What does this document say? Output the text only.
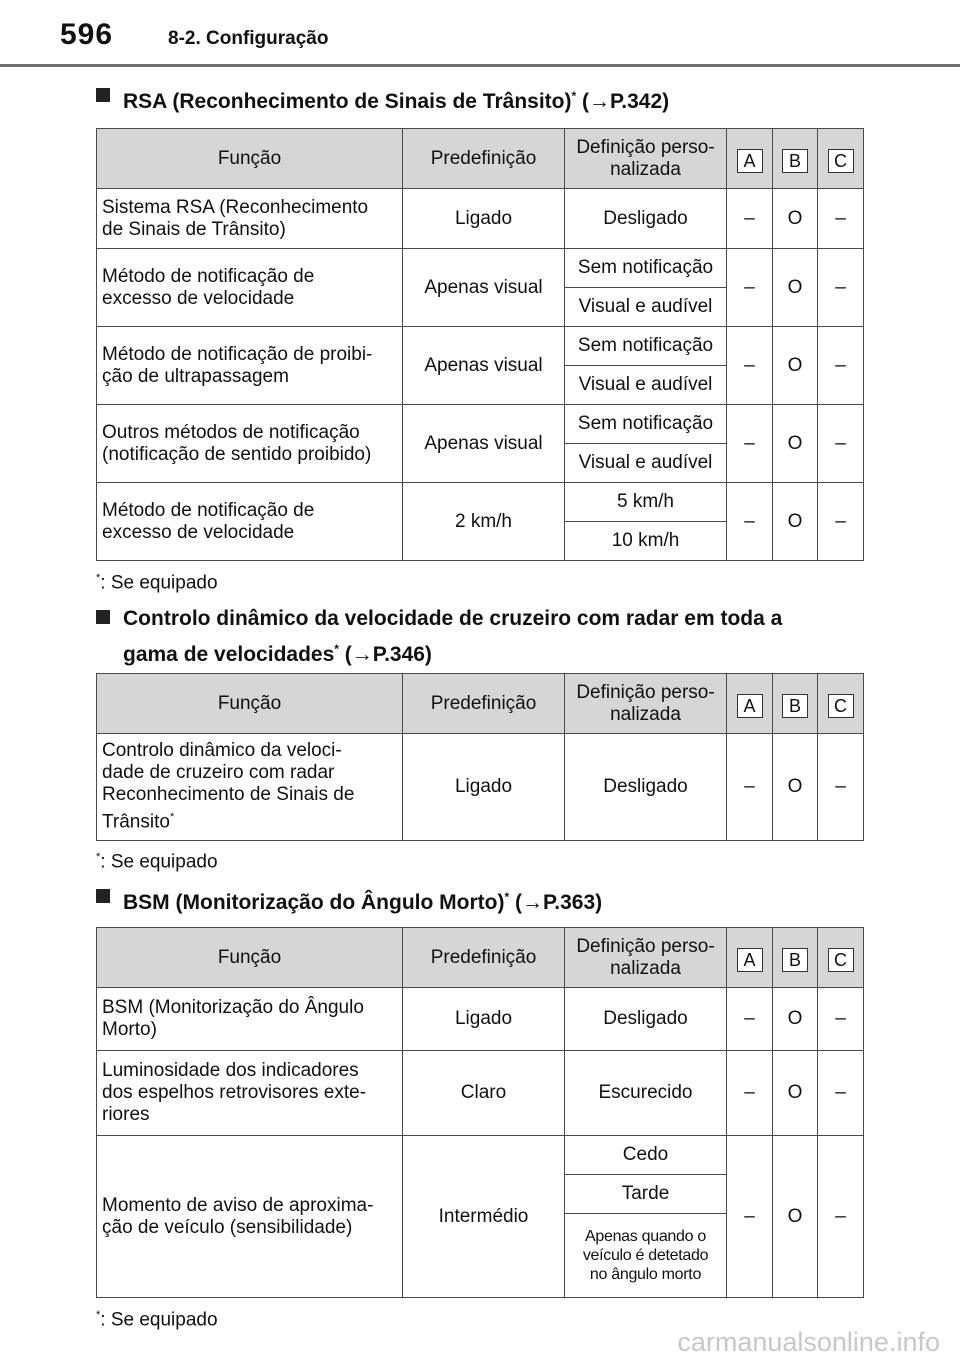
596	8-2. Configuração
RSA (Reconhecimento de Sinais de Trânsito)* (→P.342)
Função	Predefinição	Definição perso-
nalizada	A	B	C
Sistema RSA (Reconhecimento
de Sinais de Trânsito)	Ligado	Desligado	–	O	–
Método de notificação de
excesso de velocidade	Apenas visual	Sem notificação	–	O	–
		Visual e audível			
Método de notificação de proibi-
ção de ultrapassagem	Apenas visual	Sem notificação	–	O	–
		Visual e audível			
Outros métodos de notificação
(notificação de sentido proibido)	Apenas visual	Sem notificação	–	O	–
		Visual e audível			
Método de notificação de
excesso de velocidade	2 km/h	5 km/h	–	O	–
		10 km/h			
*: Se equipado
Controlo dinâmico da velocidade de cruzeiro com radar em toda a
gama de velocidades* (→P.346)
Função	Predefinição	Definição perso-
nalizada	A	B	C
Controlo dinâmico da veloci-
dade de cruzeiro com radar
Reconhecimento de Sinais de
Trânsito*	Ligado	Desligado	–	O	–
*: Se equipado
BSM (Monitorização do Ângulo Morto)* (→P.363)
Função	Predefinição	Definição perso-
nalizada	A	B	C
BSM (Monitorização do Ângulo
Morto)	Ligado	Desligado	–	O	–
Luminosidade dos indicadores
dos espelhos retrovisores exte-
riores	Claro	Escurecido	–	O	–
Momento de aviso de aproxima-
ção de veículo (sensibilidade)	Intermédio	Cedo	–	O	–
		Tarde			
		Apenas quando o
veículo é detetado
no ângulo morto			
*: Se equipado
carmanualsonline.info
